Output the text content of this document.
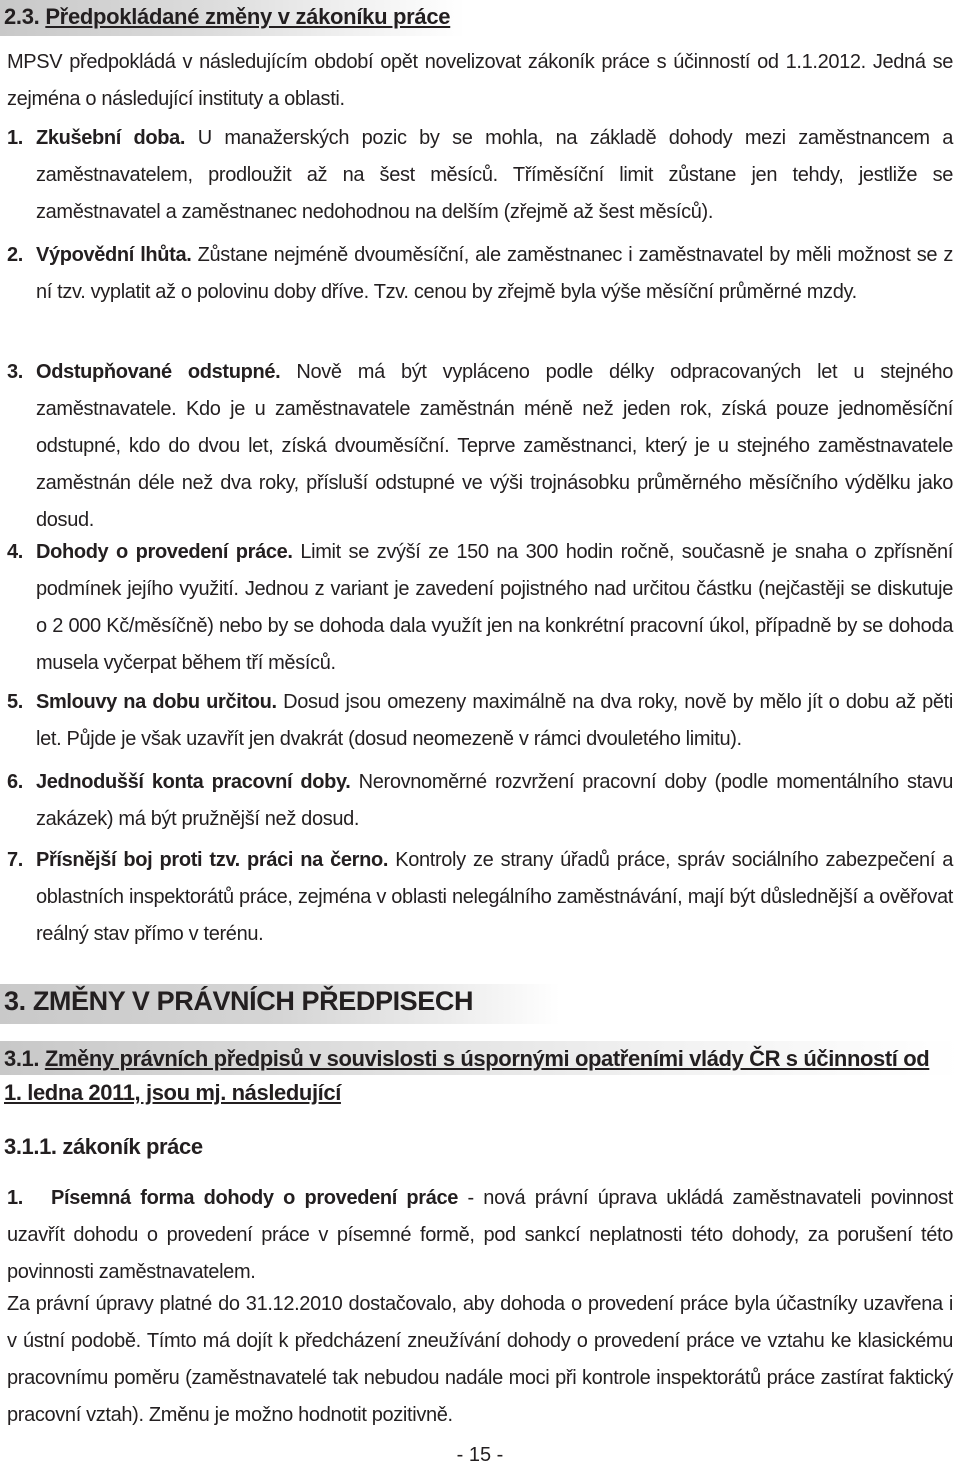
2.3. Předpokládané změny v zákoníku práce

MPSV předpokládá v následujícím období opět novelizovat zákoník práce s účinností od 1.1.2012. Jedná se zejména o následující instituty a oblasti.

1. Zkušební doba. U manažerských pozic by se mohla, na základě dohody mezi zaměstnancem a zaměstnavatelem, prodloužit až na šest měsíců. Tříměsíční limit zůstane jen tehdy, jestliže se zaměstnavatel a zaměstnanec nedohodnou na delším (zřejmě až šest měsíců).
2. Výpovědní lhůta. Zůstane nejméně dvouměsíční, ale zaměstnanec i zaměstnavatel by měli možnost se z ní tzv. vyplatit až o polovinu doby dříve. Tzv. cenou by zřejmě byla výše měsíční průměrné mzdy.
3. Odstupňované odstupné. Nově má být vypláceno podle délky odpracovaných let u stejného zaměstnavatele. Kdo je u zaměstnavatele zaměstnán méně než jeden rok, získá pouze jednoměsíční odstupné, kdo do dvou let, získá dvouměsíční. Teprve zaměstnanci, který je u stejného zaměstnavatele zaměstnán déle než dva roky, přísluší odstupné ve výši trojnásobku průměrného měsíčního výdělku jako dosud.
4. Dohody o provedení práce. Limit se zvýší ze 150 na 300 hodin ročně, současně je snaha o zpřísnění podmínek jejího využití. Jednou z variant je zavedení pojistného nad určitou částku (nejčastěji se diskutuje o 2 000 Kč/měsíčně) nebo by se dohoda dala využít jen na konkrétní pracovní úkol, případně by se dohoda musela vyčerpat během tří měsíců.
5. Smlouvy na dobu určitou. Dosud jsou omezeny maximálně na dva roky, nově by mělo jít o dobu až pěti let. Půjde je však uzavřít jen dvakrát (dosud neomezeně v rámci dvouletého limitu).
6. Jednodušší konta pracovní doby. Nerovnoměrné rozvržení pracovní doby (podle momentálního stavu zakázek) má být pružnější než dosud.
7. Přísnější boj proti tzv. práci na černo. Kontroly ze strany úřadů práce, správ sociálního zabezpečení a oblastních inspektorátů práce, zejména v oblasti nelegálního zaměstnávání, mají být důslednější a ověřovat reálný stav přímo v terénu.
3. ZMĚNY V PRÁVNÍCH PŘEDPISECH
3.1. Změny právních předpisů v souvislosti s úspornými opatřeními vlády ČR s účinností od
1. ledna 2011, jsou mj. následující
3.1.1. zákoník práce
1.	Písemná forma dohody o provedení práce - nová právní úprava ukládá zaměstnavateli povinnost uzavřít dohodu o provedení práce v písemné formě, pod sankcí neplatnosti této dohody, za porušení této povinnosti zaměstnavatelem.

Za právní úpravy platné do 31.12.2010 dostačovalo, aby dohoda o provedení práce byla účastníky uzavřena i v ústní podobě. Tímto má dojít k předcházení zneužívání dohody o provedení práce ve vztahu ke klasickému pracovnímu poměru (zaměstnavatelé tak nebudou nadále moci při kontrole inspektorátů práce zastírat faktický pracovní vztah). Změnu je možno hodnotit pozitivně.

- 15 -
